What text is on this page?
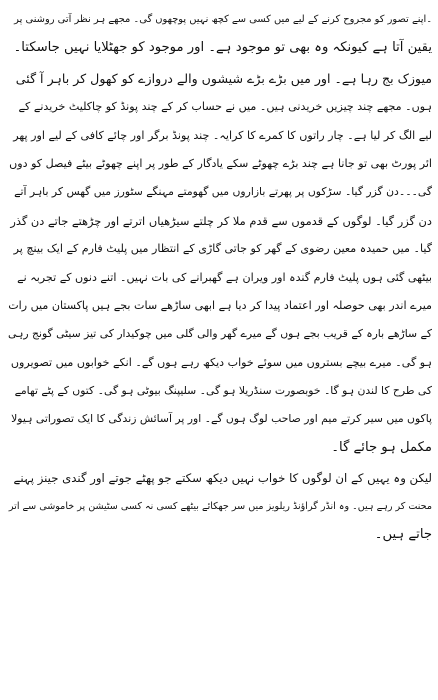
۔اپنے تصور کو مجروح کرنے کے لیے میں کسی سے کچھ نہیں پوچھوں گی۔ مجھے ہر نظر آتی روشنی پر
یقین آتا ہے کیونکہ وہ بھی تو موجود ہے۔ اور موجود کو جھٹلایا نہیں جاسکتا۔
میوزک بج رہا ہے۔ اور میں بڑے بڑے شیشوں والے دروازے کو کھول کر باہر آ گئی
ہوں۔ مجھے چند چیزیں خریدنی ہیں۔ میں نے حساب کر کے چند پونڈ کو چاکلیٹ خریدنے کے
لیے الگ کر لیا ہے۔ چار راتوں کا کمرے کا کرایہ۔ چند پونڈ برگر اور چائے کافی کے لیے اور پھر
ائر پورٹ بھی تو جانا ہے چند بڑے چھوٹے سکے یادگار کے طور پر اپنے چھوٹے بیٹے فیصل کو دوں
گی۔۔۔دن گزر گیا۔ سڑکوں پر پھرتے بازاروں میں گھومتے مہنگے سٹورز میں گھس کر باہر آتے
دن گزر گیا۔ لوگوں کے قدموں سے قدم ملا کر چلتے سیڑھیاں اترتے اور چڑھتے جاتے دن گذر
گیا۔ میں حمیدہ معین رضوی کے گھر کو جاتی گاڑی کے انتظار میں پلیٹ فارم کے ایک بینچ پر
بیٹھی گئی ہوں پلیٹ فارم گندہ اور ویران ہے گھبرانے کی بات نہیں۔ اتنے دنوں کے تجربہ نے
میرے اندر بھی حوصلہ اور اعتماد پیدا کر دیا ہے ابھی ساڑھے سات بجے ہیں پاکستان میں رات
کے ساڑھے بارہ کے قریب بجے ہوں گے میرے گھر والی گلی میں چوکیدار کی تیز سیٹی گونج رہی
ہو گی۔ میرے بیچے بستروں میں سوئے خواب دیکھ رہے ہوں گے۔ انکے خوابوں میں تصویروں
کی طرح کا لندن ہو گا۔ خوبصورت سنڈریلا ہو گی۔ سلیپنگ بیوٹی ہو گی۔ کتوں کے پٹے تھامے
پاکوں میں سیر کرتے میم اور صاحب لوگ ہوں گے۔ اور پر آسائش زندگی کا ایک تصوراتی ہیولا
مکمل ہو جائے گا۔
لیکن وہ یہیں کے ان لوگوں کا خواب نہیں دیکھ سکتے جو پھٹے جوتے اور گندی جینز پہنے
محنت کر رہے ہیں۔ وہ انڈر گراؤنڈ ریلویز میں سر جھکائے بیٹھے کسی نہ کسی سٹیشن پر خاموشی سے اتر
جاتے ہیں۔
